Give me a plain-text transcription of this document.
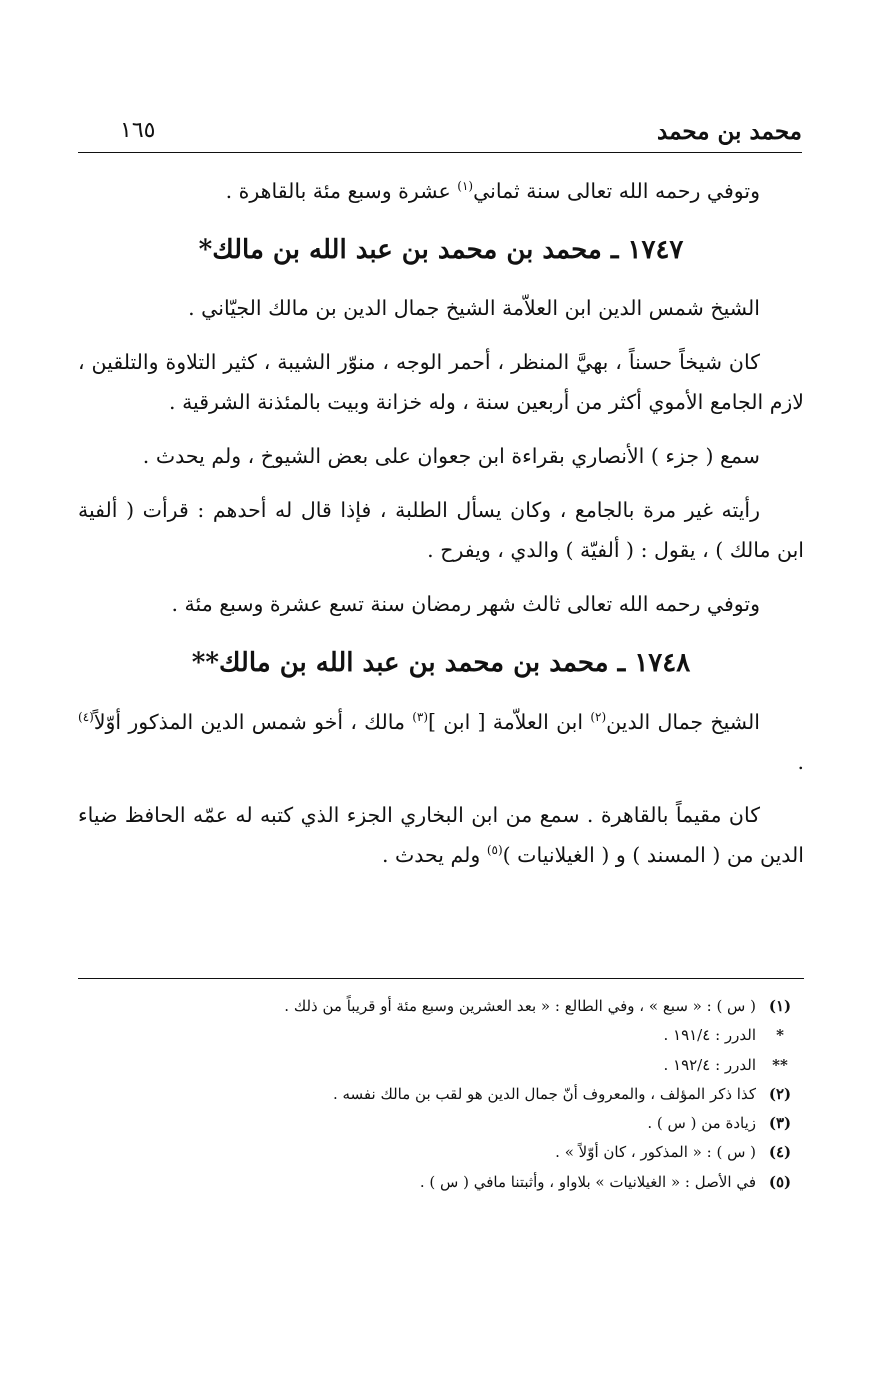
محمد بن محمد
١٦٥

وتوفي رحمه الله تعالى سنة ثماني$^{(١)}$ عشرة وسبع مئة بالقاهرة .

١٧٤٧ ـ محمد بن محمد بن عبد الله بن مالك*

الشيخ شمس الدين ابن العلاّمة الشيخ جمال الدين بن مالك الجيّاني .

كان شيخاً حسناً ، بهيَّ المنظر ، أحمر الوجه ، منوّر الشيبة ، كثير التلاوة والتلقين ، لازم الجامع الأموي أكثر من أربعين سنة ، وله خزانة وبيت بالمئذنة الشرقية .

سمع ( جزء ) الأنصاري بقراءة ابن جعوان على بعض الشيوخ ، ولم يحدث .

رأيته غير مرة بالجامع ، وكان يسأل الطلبة ، فإذا قال له أحدهم : قرأت ( ألفية ابن مالك ) ، يقول : ( ألفيّة ) والدي ، ويفرح .

وتوفي رحمه الله تعالى ثالث شهر رمضان سنة تسع عشرة وسبع مئة .

١٧٤٨ ـ محمد بن محمد بن عبد الله بن مالك**

الشيخ جمال الدين$^{(٢)}$ ابن العلاّمة [ ابن ]$^{(٣)}$ مالك ، أخو شمس الدين المذكور أوّلاً$^{(٤)}$ .

كان مقيماً بالقاهرة . سمع من ابن البخاري الجزء الذي كتبه له عمّه الحافظ ضياء الدين من ( المسند ) و ( الغيلانيات )$^{(٥)}$ ولم يحدث .

(١)
( س ) : « سبع » ، وفي الطالع : « بعد العشرين وسبع مئة أو قريباً من ذلك .
*
الدرر : ١٩١/٤ .
**
الدرر : ١٩٢/٤ .
(٢)
كذا ذكر المؤلف ، والمعروف أنّ جمال الدين هو لقب بن مالك نفسه .
(٣)
زيادة من ( س ) .
(٤)
( س ) : « المذكور ، كان أوّلاً » .
(٥)
في الأصل : « الغيلانيات » بلاواو ، وأثبتنا مافي ( س ) .
